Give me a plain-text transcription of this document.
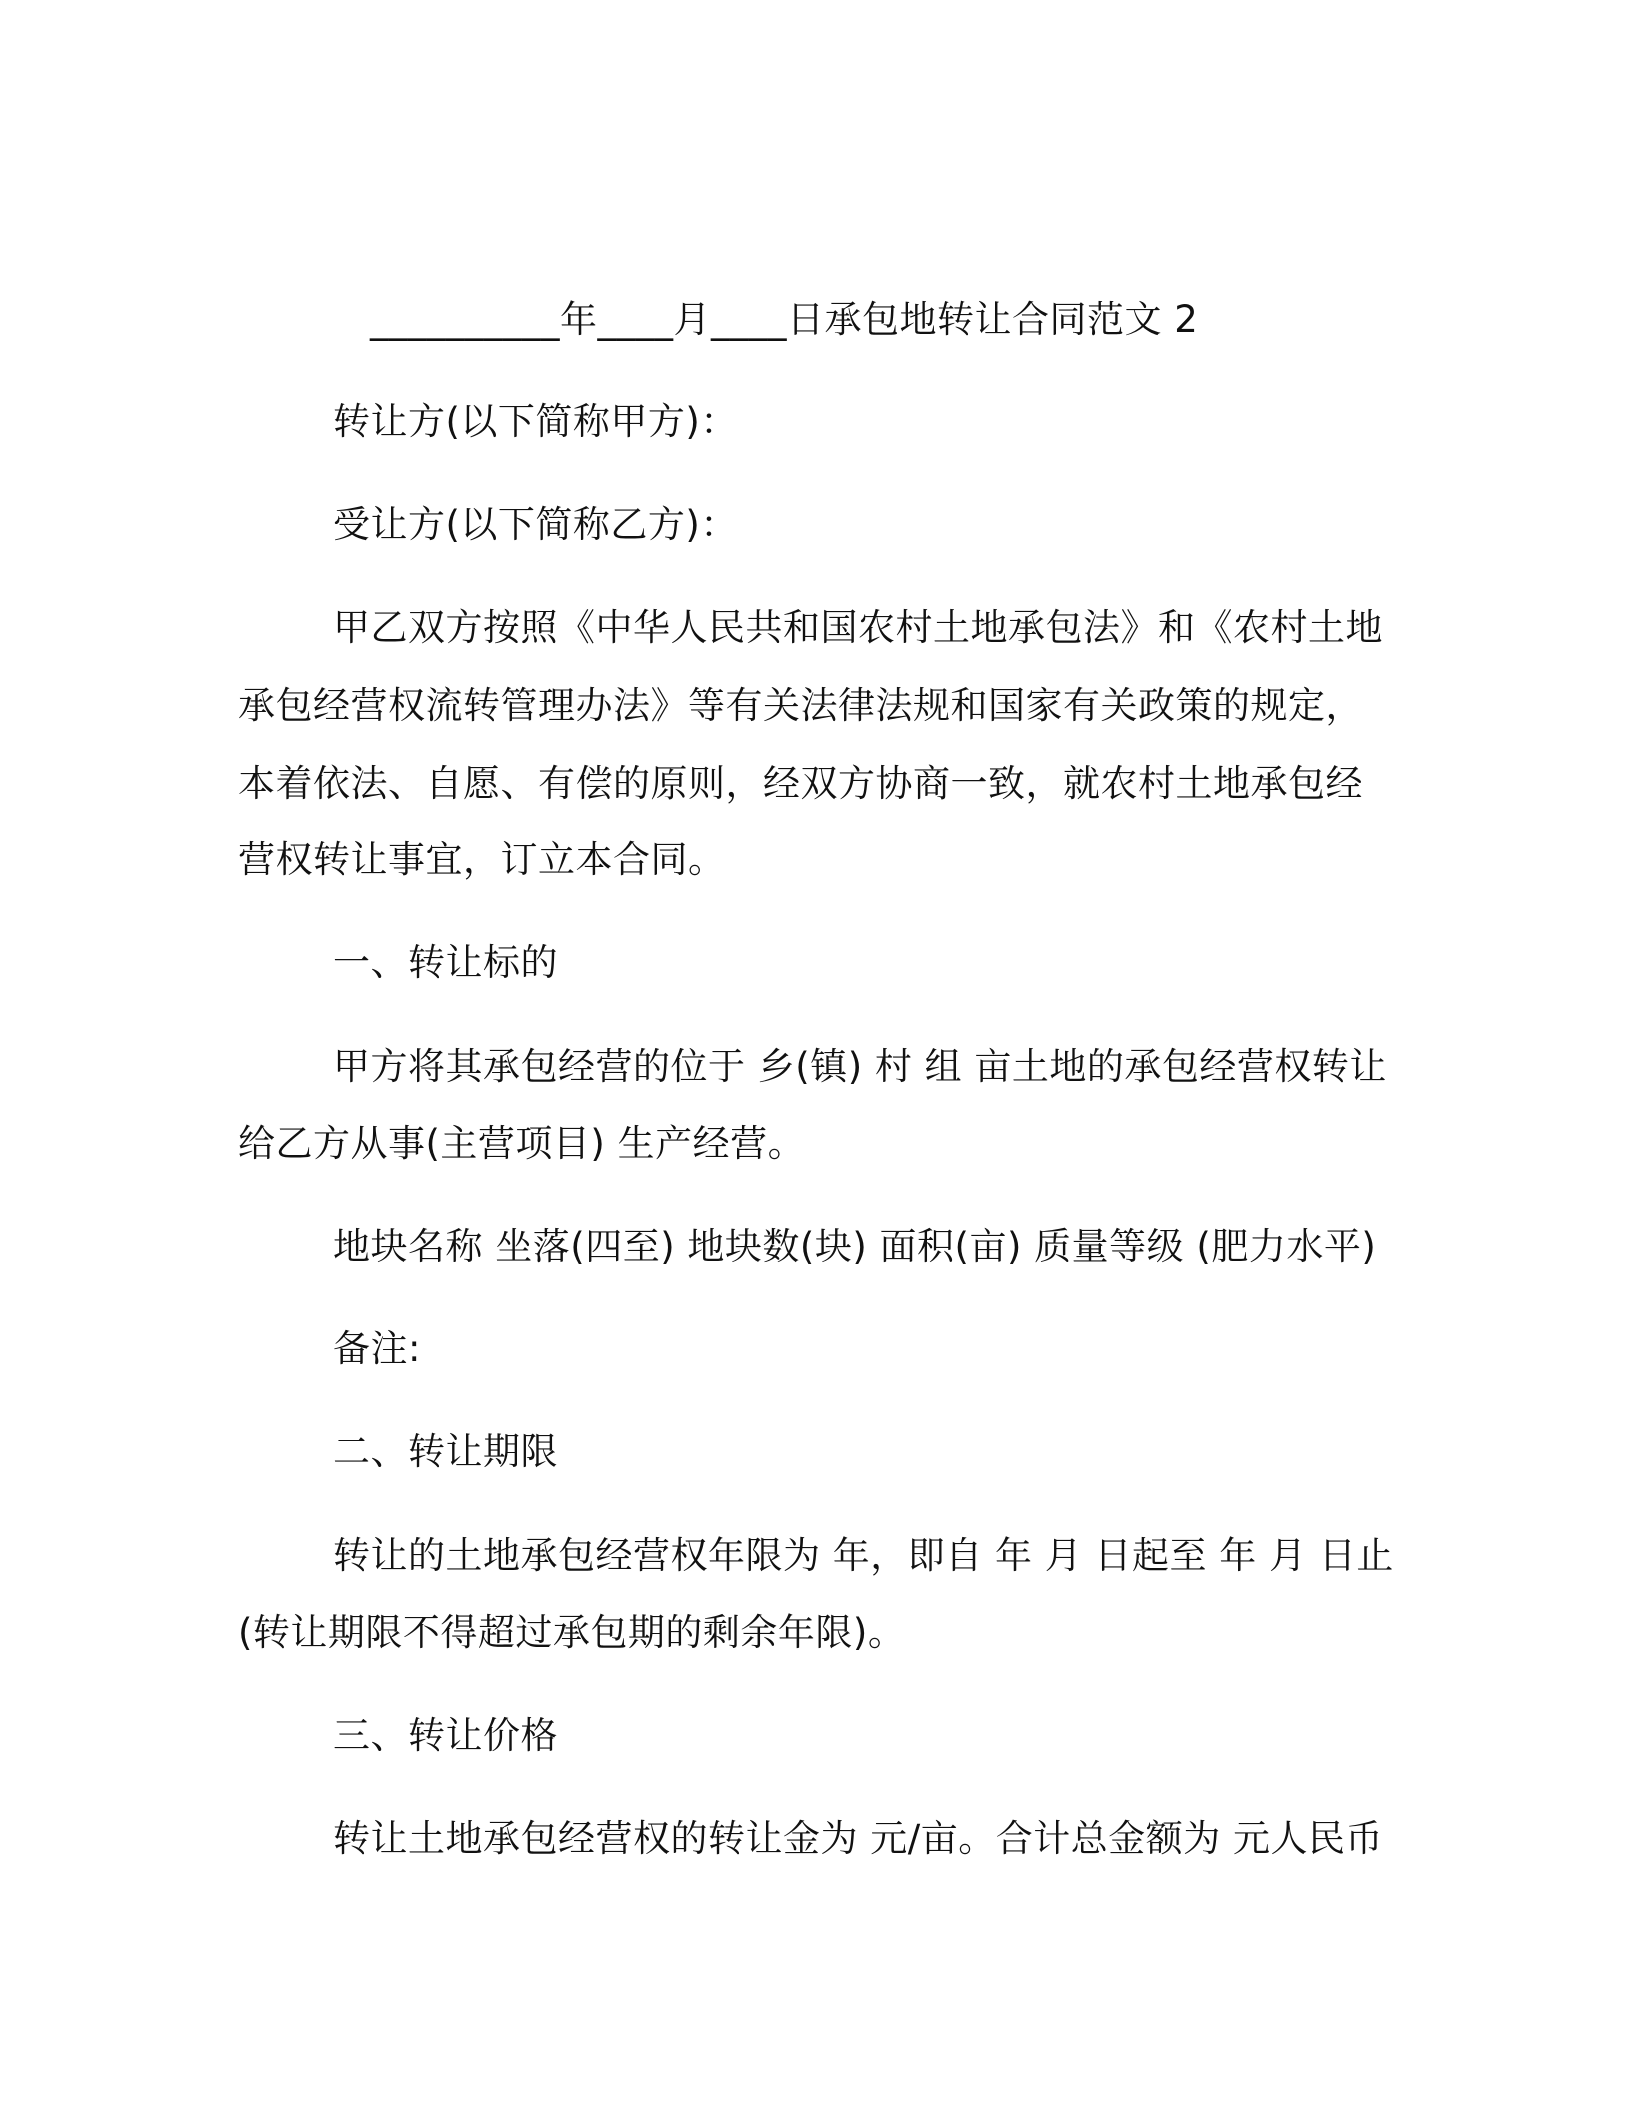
__________年____月____日承包地转让合同范文 2
转让方(以下简称甲方)：
受让方(以下简称乙方)：
甲乙双方按照《中华人民共和国农村土地承包法》和《农村土地
承包经营权流转管理办法》等有关法律法规和国家有关政策的规定，
本着依法、自愿、有偿的原则，经双方协商一致，就农村土地承包经
营权转让事宜，订立本合同。
一、转让标的
甲方将其承包经营的位于 乡(镇) 村 组 亩土地的承包经营权转让
给乙方从事(主营项目) 生产经营。
地块名称 坐落(四至) 地块数(块) 面积(亩) 质量等级 (肥力水平)
备注:
二、转让期限
转让的土地承包经营权年限为 年，即自 年 月 日起至 年 月 日止
(转让期限不得超过承包期的剩余年限)。
三、转让价格
转让土地承包经营权的转让金为 元/亩。合计总金额为 元人民币
